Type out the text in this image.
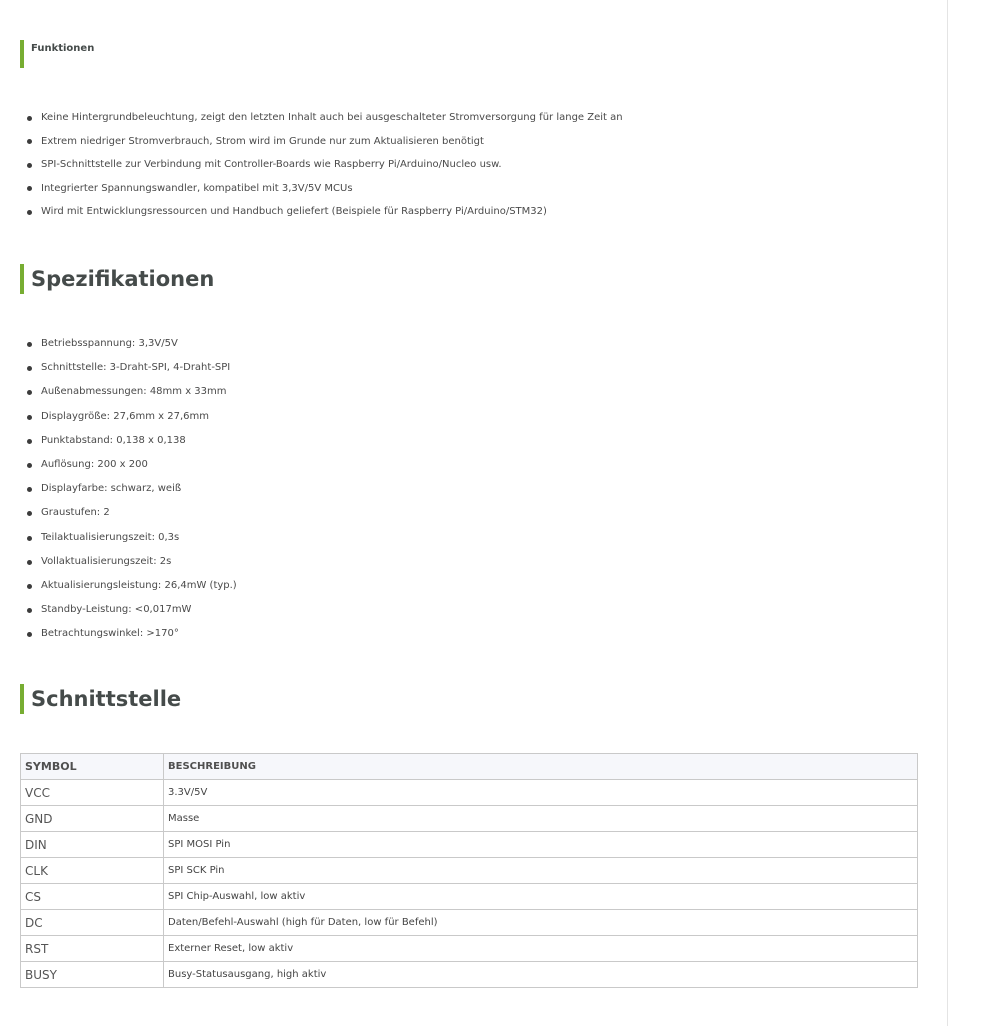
Funktionen
Keine Hintergrundbeleuchtung, zeigt den letzten Inhalt auch bei ausgeschalteter Stromversorgung für lange Zeit an
Extrem niedriger Stromverbrauch, Strom wird im Grunde nur zum Aktualisieren benötigt
SPI-Schnittstelle zur Verbindung mit Controller-Boards wie Raspberry Pi/Arduino/Nucleo usw.
Integrierter Spannungswandler, kompatibel mit 3,3V/5V MCUs
Wird mit Entwicklungsressourcen und Handbuch geliefert (Beispiele für Raspberry Pi/Arduino/STM32)
Spezifikationen
Betriebsspannung: 3,3V/5V
Schnittstelle: 3-Draht-SPI, 4-Draht-SPI
Außenabmessungen: 48mm x 33mm
Displaygröße: 27,6mm x 27,6mm
Punktabstand: 0,138 x 0,138
Auflösung: 200 x 200
Displayfarbe: schwarz, weiß
Graustufen: 2
Teilaktualisierungszeit: 0,3s
Vollaktualisierungszeit: 2s
Aktualisierungsleistung: 26,4mW (typ.)
Standby-Leistung: <0,017mW
Betrachtungswinkel: >170°
Schnittstelle
SYMBOL	BESCHREIBUNG
VCC	3.3V/5V
GND	Masse
DIN	SPI MOSI Pin
CLK	SPI SCK Pin
CS	SPI Chip-Auswahl, low aktiv
DC	Daten/Befehl-Auswahl (high für Daten, low für Befehl)
RST	Externer Reset, low aktiv
BUSY	Busy-Statusausgang, high aktiv
